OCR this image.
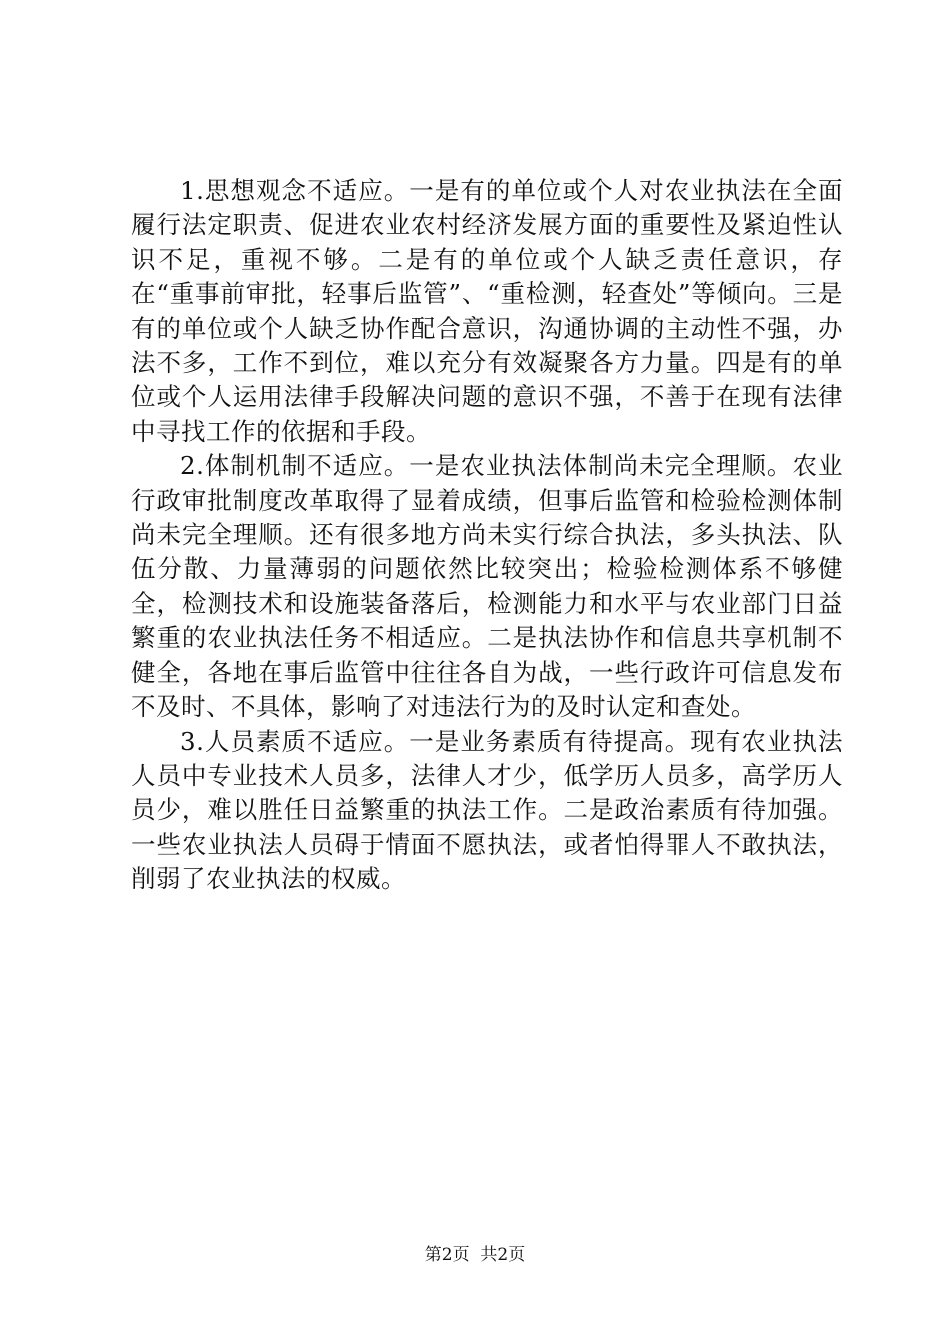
1.思想观念不适应。一是有的单位或个人对农业执法在全面履行法定职责、促进农业农村经济发展方面的重要性及紧迫性认识不足，重视不够。二是有的单位或个人缺乏责任意识，存在“重事前审批，轻事后监管”、“重检测，轻查处”等倾向。三是有的单位或个人缺乏协作配合意识，沟通协调的主动性不强，办法不多，工作不到位，难以充分有效凝聚各方力量。四是有的单位或个人运用法律手段解决问题的意识不强，不善于在现有法律中寻找工作的依据和手段。

2.体制机制不适应。一是农业执法体制尚未完全理顺。农业行政审批制度改革取得了显着成绩，但事后监管和检验检测体制尚未完全理顺。还有很多地方尚未实行综合执法，多头执法、队伍分散、力量薄弱的问题依然比较突出；检验检测体系不够健全，检测技术和设施装备落后，检测能力和水平与农业部门日益繁重的农业执法任务不相适应。二是执法协作和信息共享机制不健全，各地在事后监管中往往各自为战，一些行政许可信息发布不及时、不具体，影响了对违法行为的及时认定和查处。

3.人员素质不适应。一是业务素质有待提高。现有农业执法人员中专业技术人员多，法律人才少，低学历人员多，高学历人员少，难以胜任日益繁重的执法工作。二是政治素质有待加强。一些农业执法人员碍于情面不愿执法，或者怕得罪人不敢执法，削弱了农业执法的权威。

第2页  共2页
